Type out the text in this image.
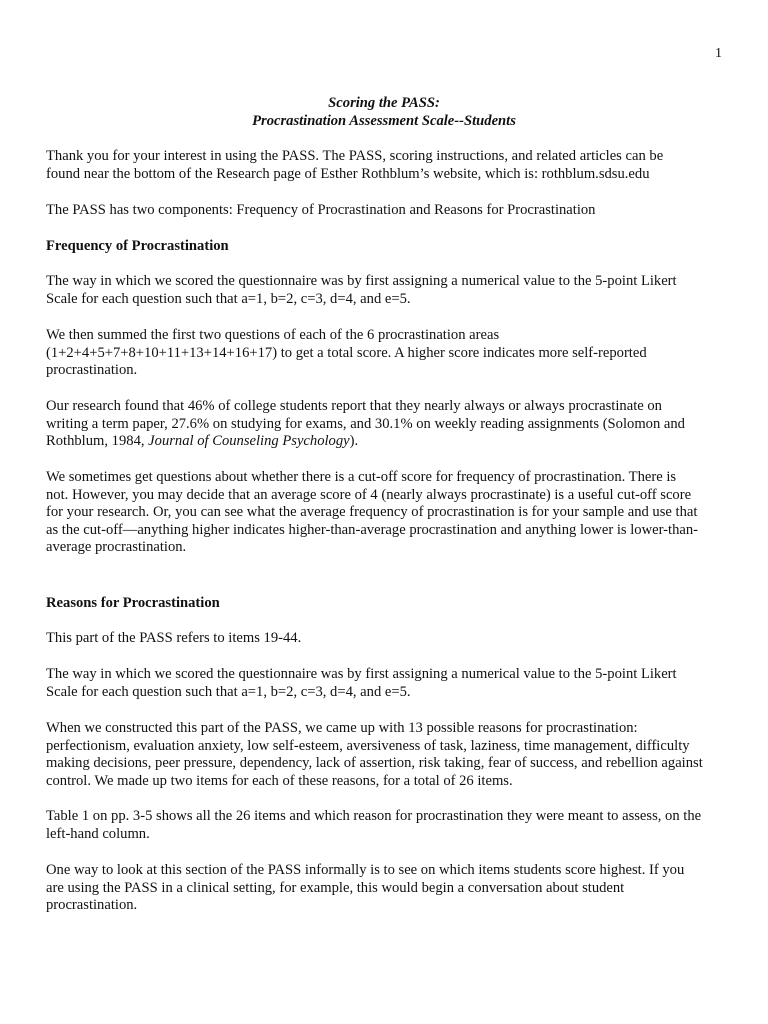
1
Scoring the PASS:
Procrastination Assessment Scale--Students

Thank you for your interest in using the PASS. The PASS, scoring instructions, and related articles can be

found near the bottom of the Research page of Esther Rothblum’s website, which is: rothblum.sdsu.edu

The PASS has two components: Frequency of Procrastination and Reasons for Procrastination

Frequency of Procrastination

The way in which we scored the questionnaire was by first assigning a numerical value to the 5-point Likert

Scale for each question such that a=1, b=2, c=3, d=4, and e=5.

We then summed the first two questions of each of the 6 procrastination areas

(1+2+4+5+7+8+10+11+13+14+16+17) to get a total score. A higher score indicates more self-reported

procrastination.

Our research found that 46% of college students report that they nearly always or always procrastinate on

writing a term paper, 27.6% on studying for exams, and 30.1% on weekly reading assignments (Solomon and

Rothblum, 1984, Journal of Counseling Psychology).

We sometimes get questions about whether there is a cut-off score for frequency of procrastination. There is

not. However, you may decide that an average score of 4 (nearly always procrastinate) is a useful cut-off score

for your research. Or, you can see what the average frequency of procrastination is for your sample and use that

as the cut-off—anything higher indicates higher-than-average procrastination and anything lower is lower-than-

average procrastination.

Reasons for Procrastination

This part of the PASS refers to items 19-44.

The way in which we scored the questionnaire was by first assigning a numerical value to the 5-point Likert

Scale for each question such that a=1, b=2, c=3, d=4, and e=5.

When we constructed this part of the PASS, we came up with 13 possible reasons for procrastination:

perfectionism, evaluation anxiety, low self-esteem, aversiveness of task, laziness, time management, difficulty

making decisions, peer pressure, dependency, lack of assertion, risk taking, fear of success, and rebellion against

control. We made up two items for each of these reasons, for a total of 26 items.

Table 1 on pp. 3-5 shows all the 26 items and which reason for procrastination they were meant to assess, on the

left-hand column.

One way to look at this section of the PASS informally is to see on which items students score highest. If you

are using the PASS in a clinical setting, for example, this would begin a conversation about student

procrastination.
